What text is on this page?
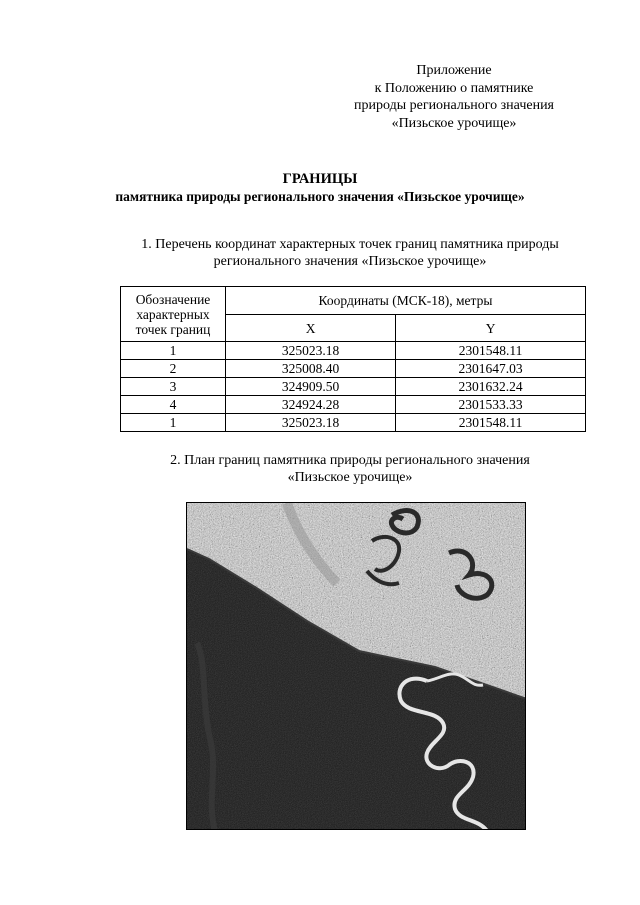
Приложение
к Положению о памятнике
природы регионального значения
«Пизьское урочище»
ГРАНИЦЫ
памятника природы регионального значения «Пизьское урочище»
1. Перечень координат характерных точек границ памятника природы
регионального значения «Пизьское урочище»
Обозначение
характерных
точек границ	Координаты (МСК-18), метры	
	X	Y
1	325023.18	2301548.11
2	325008.40	2301647.03
3	324909.50	2301632.24
4	324924.28	2301533.33
1	325023.18	2301548.11
2. План границ памятника природы регионального значения
«Пизьское урочище»
